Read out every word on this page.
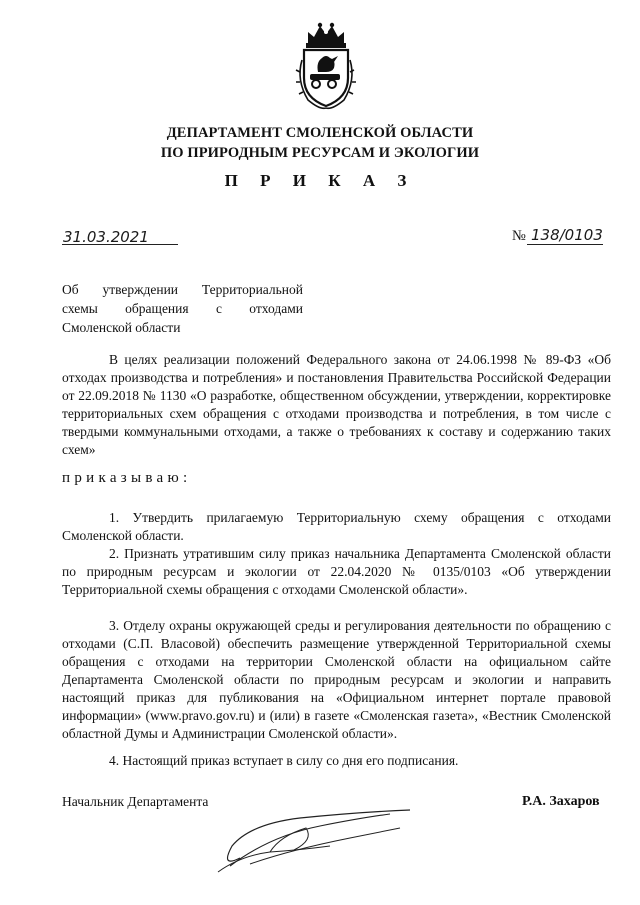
ДЕПАРТАМЕНТ СМОЛЕНСКОЙ ОБЛАСТИ
ПО ПРИРОДНЫМ РЕСУРСАМ И ЭКОЛОГИИ
П Р И К А З
31.03.2021	№ 138/0103
Об утверждении Территориальной
схемы обращения с отходами
Смоленской области
В целях реализации положений Федерального закона от 24.06.1998 № 89-ФЗ «Об отходах производства и потребления» и постановления Правительства Российской Федерации от 22.09.2018 № 1130 «О разработке, общественном обсуждении, утверждении, корректировке территориальных схем обращения с отходами производства и потребления, в том числе с твердыми коммунальными отходами, а также о требованиях к составу и содержанию таких схем»
приказываю:
1. Утвердить прилагаемую Территориальную схему обращения с отходами Смоленской области.
2. Признать утратившим силу приказ начальника Департамента Смоленской области по природным ресурсам и экологии от 22.04.2020 № 0135/0103 «Об утверждении Территориальной схемы обращения с отходами Смоленской области».
3. Отделу охраны окружающей среды и регулирования деятельности по обращению с отходами (С.П. Власовой) обеспечить размещение утвержденной Территориальной схемы обращения с отходами на территории Смоленской области на официальном сайте Департамента Смоленской области по природным ресурсам и экологии и направить настоящий приказ для публикования на «Официальном интернет портале правовой информации» (www.pravo.gov.ru) и (или) в газете «Смоленская газета», «Вестник Смоленской областной Думы и Администрации Смоленской области».
4. Настоящий приказ вступает в силу со дня его подписания.
Начальник Департамента	Р.А. Захаров
